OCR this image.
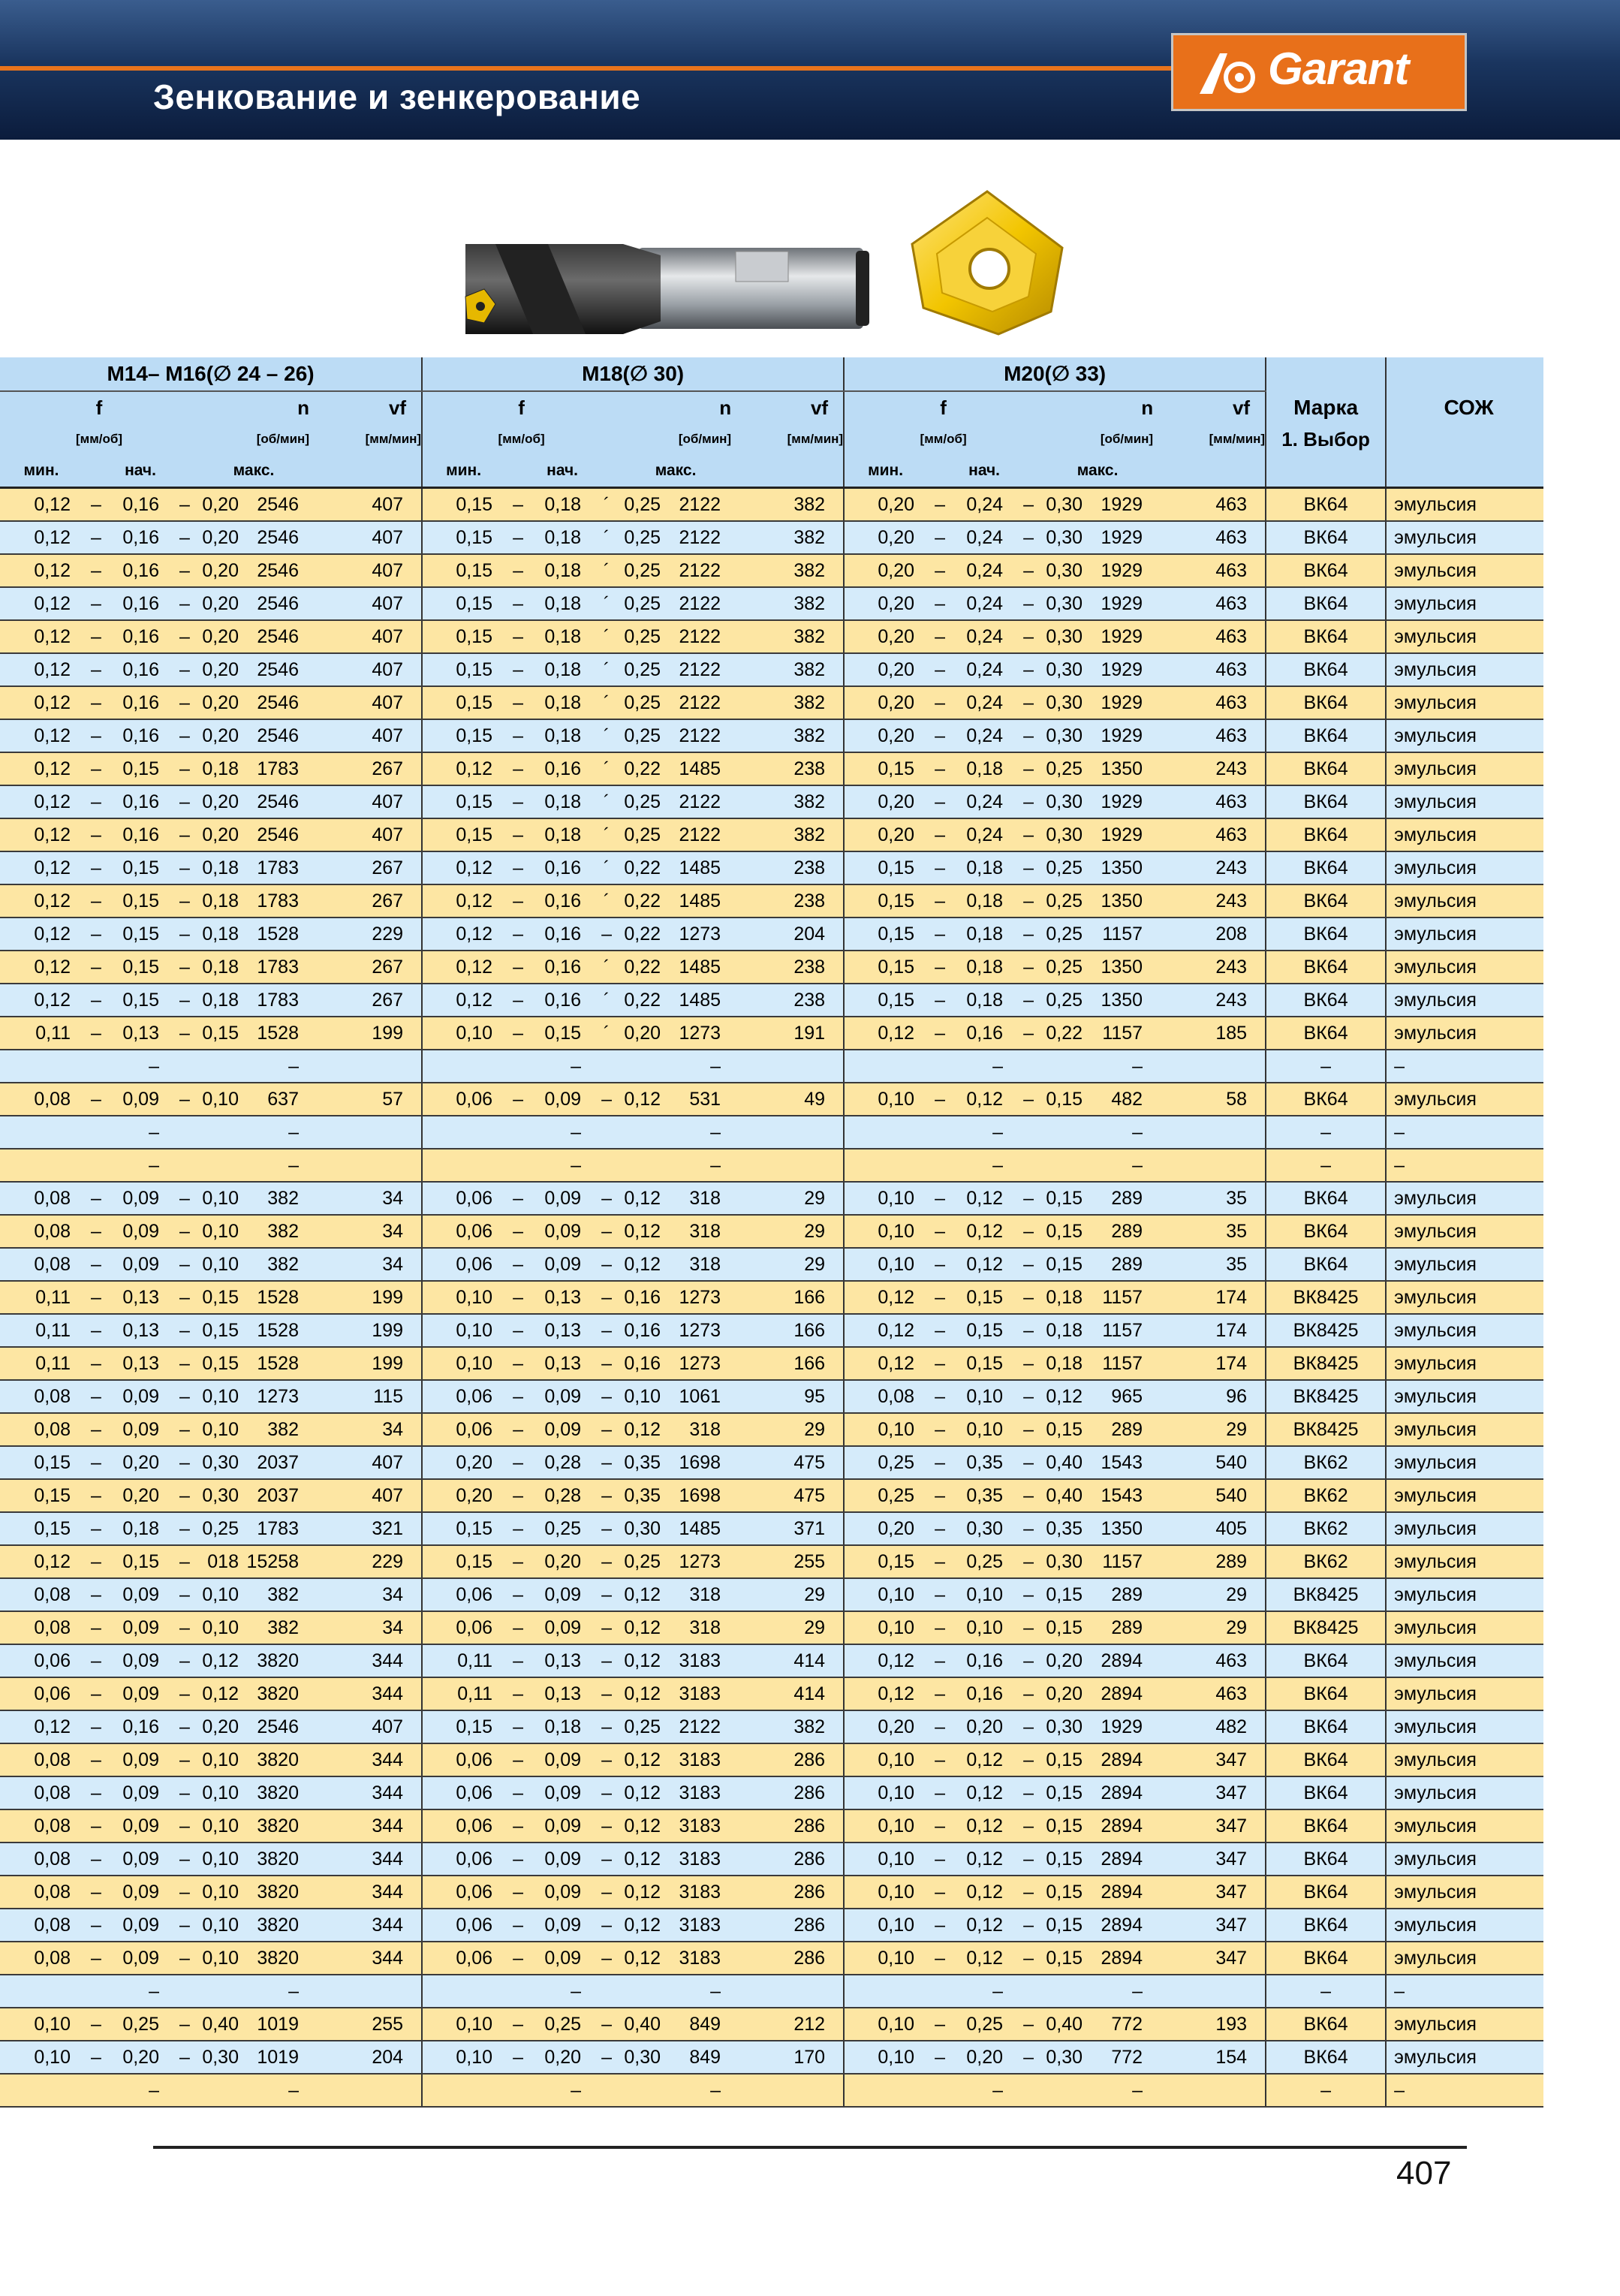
Зенкование и зенкерование
Garant
M14– M16(∅ 24 – 26)							M18(∅ 30)							M20(∅ 33)							Марка	СОЖ
f				n		vf	f				n		vf	f				n		vf		
[мм/об]				[об/мин]		[мм/мин]	[мм/об]				[об/мин]		[мм/мин]	[мм/об]				[об/мин]		[мм/мин]	1. Выбор	
мин.		нач.		макс.			мин.		нач.		макс.			мин.		нач.		макс.				
0,12	–	0,16	–	0,20	2546	407	0,15	–	0,18	´	0,25	2122	382	0,20	–	0,24	–	0,30	1929	463	ВК64	эмульсия
0,12	–	0,16	–	0,20	2546	407	0,15	–	0,18	´	0,25	2122	382	0,20	–	0,24	–	0,30	1929	463	ВК64	эмульсия
0,12	–	0,16	–	0,20	2546	407	0,15	–	0,18	´	0,25	2122	382	0,20	–	0,24	–	0,30	1929	463	ВК64	эмульсия
0,12	–	0,16	–	0,20	2546	407	0,15	–	0,18	´	0,25	2122	382	0,20	–	0,24	–	0,30	1929	463	ВК64	эмульсия
0,12	–	0,16	–	0,20	2546	407	0,15	–	0,18	´	0,25	2122	382	0,20	–	0,24	–	0,30	1929	463	ВК64	эмульсия
0,12	–	0,16	–	0,20	2546	407	0,15	–	0,18	´	0,25	2122	382	0,20	–	0,24	–	0,30	1929	463	ВК64	эмульсия
0,12	–	0,16	–	0,20	2546	407	0,15	–	0,18	´	0,25	2122	382	0,20	–	0,24	–	0,30	1929	463	ВК64	эмульсия
0,12	–	0,16	–	0,20	2546	407	0,15	–	0,18	´	0,25	2122	382	0,20	–	0,24	–	0,30	1929	463	ВК64	эмульсия
0,12	–	0,15	–	0,18	1783	267	0,12	–	0,16	´	0,22	1485	238	0,15	–	0,18	–	0,25	1350	243	ВК64	эмульсия
0,12	–	0,16	–	0,20	2546	407	0,15	–	0,18	´	0,25	2122	382	0,20	–	0,24	–	0,30	1929	463	ВК64	эмульсия
0,12	–	0,16	–	0,20	2546	407	0,15	–	0,18	´	0,25	2122	382	0,20	–	0,24	–	0,30	1929	463	ВК64	эмульсия
0,12	–	0,15	–	0,18	1783	267	0,12	–	0,16	´	0,22	1485	238	0,15	–	0,18	–	0,25	1350	243	ВК64	эмульсия
0,12	–	0,15	–	0,18	1783	267	0,12	–	0,16	´	0,22	1485	238	0,15	–	0,18	–	0,25	1350	243	ВК64	эмульсия
0,12	–	0,15	–	0,18	1528	229	0,12	–	0,16	–	0,22	1273	204	0,15	–	0,18	–	0,25	1157	208	ВК64	эмульсия
0,12	–	0,15	–	0,18	1783	267	0,12	–	0,16	´	0,22	1485	238	0,15	–	0,18	–	0,25	1350	243	ВК64	эмульсия
0,12	–	0,15	–	0,18	1783	267	0,12	–	0,16	´	0,22	1485	238	0,15	–	0,18	–	0,25	1350	243	ВК64	эмульсия
0,11	–	0,13	–	0,15	1528	199	0,10	–	0,15	´	0,20	1273	191	0,12	–	0,16	–	0,22	1157	185	ВК64	эмульсия
		–			–				–			–				–			–		–	–
0,08	–	0,09	–	0,10	637	57	0,06	–	0,09	–	0,12	531	49	0,10	–	0,12	–	0,15	482	58	ВК64	эмульсия
		–			–				–			–				–			–		–	–
		–			–				–			–				–			–		–	–
0,08	–	0,09	–	0,10	382	34	0,06	–	0,09	–	0,12	318	29	0,10	–	0,12	–	0,15	289	35	ВК64	эмульсия
0,08	–	0,09	–	0,10	382	34	0,06	–	0,09	–	0,12	318	29	0,10	–	0,12	–	0,15	289	35	ВК64	эмульсия
0,08	–	0,09	–	0,10	382	34	0,06	–	0,09	–	0,12	318	29	0,10	–	0,12	–	0,15	289	35	ВК64	эмульсия
0,11	–	0,13	–	0,15	1528	199	0,10	–	0,13	–	0,16	1273	166	0,12	–	0,15	–	0,18	1157	174	ВК8425	эмульсия
0,11	–	0,13	–	0,15	1528	199	0,10	–	0,13	–	0,16	1273	166	0,12	–	0,15	–	0,18	1157	174	ВК8425	эмульсия
0,11	–	0,13	–	0,15	1528	199	0,10	–	0,13	–	0,16	1273	166	0,12	–	0,15	–	0,18	1157	174	ВК8425	эмульсия
0,08	–	0,09	–	0,10	1273	115	0,06	–	0,09	–	0,10	1061	95	0,08	–	0,10	–	0,12	965	96	ВК8425	эмульсия
0,08	–	0,09	–	0,10	382	34	0,06	–	0,09	–	0,12	318	29	0,10	–	0,10	–	0,15	289	29	ВК8425	эмульсия
0,15	–	0,20	–	0,30	2037	407	0,20	–	0,28	–	0,35	1698	475	0,25	–	0,35	–	0,40	1543	540	ВК62	эмульсия
0,15	–	0,20	–	0,30	2037	407	0,20	–	0,28	–	0,35	1698	475	0,25	–	0,35	–	0,40	1543	540	ВК62	эмульсия
0,15	–	0,18	–	0,25	1783	321	0,15	–	0,25	–	0,30	1485	371	0,20	–	0,30	–	0,35	1350	405	ВК62	эмульсия
0,12	–	0,15	–	018	15258	229	0,15	–	0,20	–	0,25	1273	255	0,15	–	0,25	–	0,30	1157	289	ВК62	эмульсия
0,08	–	0,09	–	0,10	382	34	0,06	–	0,09	–	0,12	318	29	0,10	–	0,10	–	0,15	289	29	ВК8425	эмульсия
0,08	–	0,09	–	0,10	382	34	0,06	–	0,09	–	0,12	318	29	0,10	–	0,10	–	0,15	289	29	ВК8425	эмульсия
0,06	–	0,09	–	0,12	3820	344	0,11	–	0,13	–	0,12	3183	414	0,12	–	0,16	–	0,20	2894	463	ВК64	эмульсия
0,06	–	0,09	–	0,12	3820	344	0,11	–	0,13	–	0,12	3183	414	0,12	–	0,16	–	0,20	2894	463	ВК64	эмульсия
0,12	–	0,16	–	0,20	2546	407	0,15	–	0,18	–	0,25	2122	382	0,20	–	0,20	–	0,30	1929	482	ВК64	эмульсия
0,08	–	0,09	–	0,10	3820	344	0,06	–	0,09	–	0,12	3183	286	0,10	–	0,12	–	0,15	2894	347	ВК64	эмульсия
0,08	–	0,09	–	0,10	3820	344	0,06	–	0,09	–	0,12	3183	286	0,10	–	0,12	–	0,15	2894	347	ВК64	эмульсия
0,08	–	0,09	–	0,10	3820	344	0,06	–	0,09	–	0,12	3183	286	0,10	–	0,12	–	0,15	2894	347	ВК64	эмульсия
0,08	–	0,09	–	0,10	3820	344	0,06	–	0,09	–	0,12	3183	286	0,10	–	0,12	–	0,15	2894	347	ВК64	эмульсия
0,08	–	0,09	–	0,10	3820	344	0,06	–	0,09	–	0,12	3183	286	0,10	–	0,12	–	0,15	2894	347	ВК64	эмульсия
0,08	–	0,09	–	0,10	3820	344	0,06	–	0,09	–	0,12	3183	286	0,10	–	0,12	–	0,15	2894	347	ВК64	эмульсия
0,08	–	0,09	–	0,10	3820	344	0,06	–	0,09	–	0,12	3183	286	0,10	–	0,12	–	0,15	2894	347	ВК64	эмульсия
		–			–				–			–				–			–		–	–
0,10	–	0,25	–	0,40	1019	255	0,10	–	0,25	–	0,40	849	212	0,10	–	0,25	–	0,40	772	193	ВК64	эмульсия
0,10	–	0,20	–	0,30	1019	204	0,10	–	0,20	–	0,30	849	170	0,10	–	0,20	–	0,30	772	154	ВК64	эмульсия
		–			–				–			–				–			–		–	–
407
